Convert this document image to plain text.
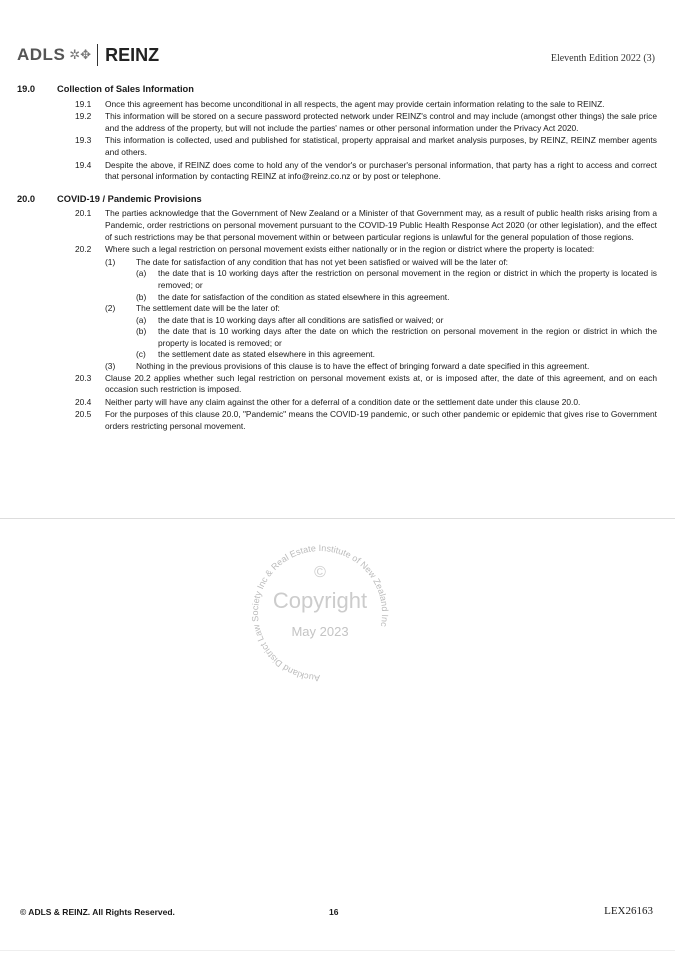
ADLS ✲✥ REINZ	Eleventh Edition 2022 (3)
19.0	Collection of Sales Information
19.1	Once this agreement has become unconditional in all respects, the agent may provide certain information relating to the sale to REINZ.
19.2	This information will be stored on a secure password protected network under REINZ's control and may include (amongst other things) the sale price and the address of the property, but will not include the parties' names or other personal information under the Privacy Act 2020.
19.3	This information is collected, used and published for statistical, property appraisal and market analysis purposes, by REINZ, REINZ member agents and others.
19.4	Despite the above, if REINZ does come to hold any of the vendor's or purchaser's personal information, that party has a right to access and correct that personal information by contacting REINZ at info@reinz.co.nz or by post or telephone.
20.0	COVID-19 / Pandemic Provisions
20.1	The parties acknowledge that the Government of New Zealand or a Minister of that Government may, as a result of public health risks arising from a Pandemic, order restrictions on personal movement pursuant to the COVID-19 Public Health Response Act 2020 (or other legislation), and the effect of such restrictions may be that personal movement within or between particular regions is unlawful for the general population of those regions.
20.2	Where such a legal restriction on personal movement exists either nationally or in the region or district where the property is located:
(1)	The date for satisfaction of any condition that has not yet been satisfied or waived will be the later of:
(a)	the date that is 10 working days after the restriction on personal movement in the region or district in which the property is located is removed; or
(b)	the date for satisfaction of the condition as stated elsewhere in this agreement.
(2)	The settlement date will be the later of:
(a)	the date that is 10 working days after all conditions are satisfied or waived; or
(b)	the date that is 10 working days after the date on which the restriction on personal movement in the region or district in which the property is located is removed; or
(c)	the settlement date as stated elsewhere in this agreement.
(3)	Nothing in the previous provisions of this clause is to have the effect of bringing forward a date specified in this agreement.
20.3	Clause 20.2 applies whether such legal restriction on personal movement exists at, or is imposed after, the date of this agreement, and on each occasion such restriction is imposed.
20.4	Neither party will have any claim against the other for a deferral of a condition date or the settlement date under this clause 20.0.
20.5	For the purposes of this clause 20.0, "Pandemic" means the COVID-19 pandemic, or such other pandemic or epidemic that gives rise to Government orders restricting personal movement.
Auckland District Law Society Inc & Real Estate Institute of New Zealand Inc
©
Copyright
May 2023
© ADLS & REINZ. All Rights Reserved.	16	LEX26163
